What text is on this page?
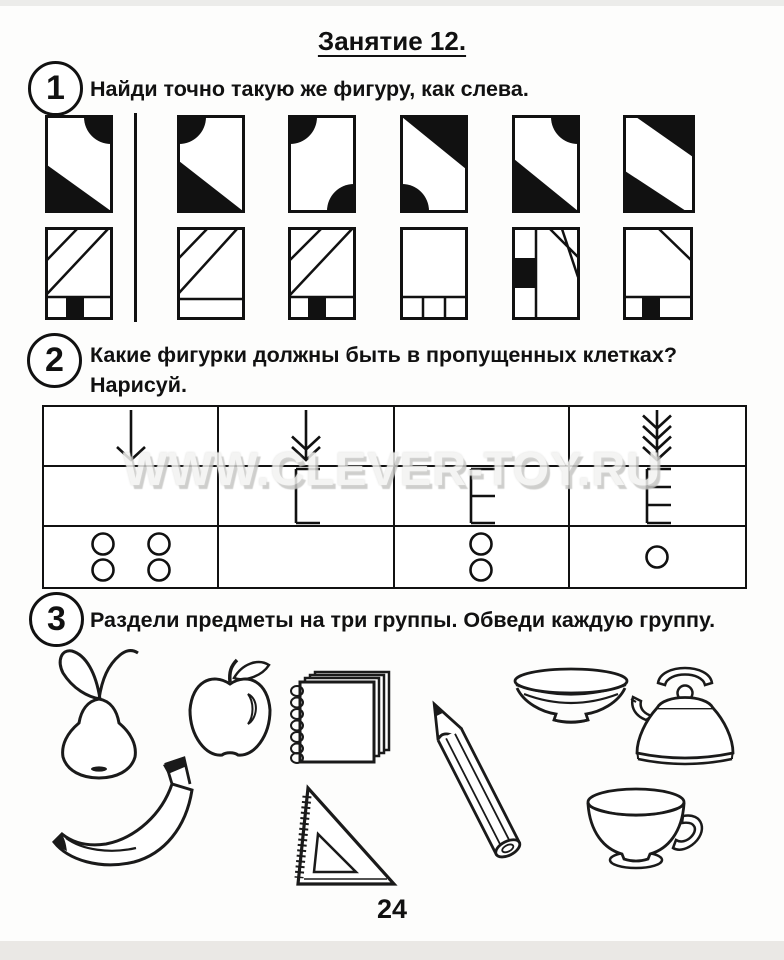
Занятие 12.
1 Найди точно такую же фигуру, как слева.
2 Какие фигурки должны быть в пропущенных клетках? Нарисуй.
WWW.CLEVER-TOY.RU
3 Раздели предметы на три группы. Обведи каждую группу.
24
